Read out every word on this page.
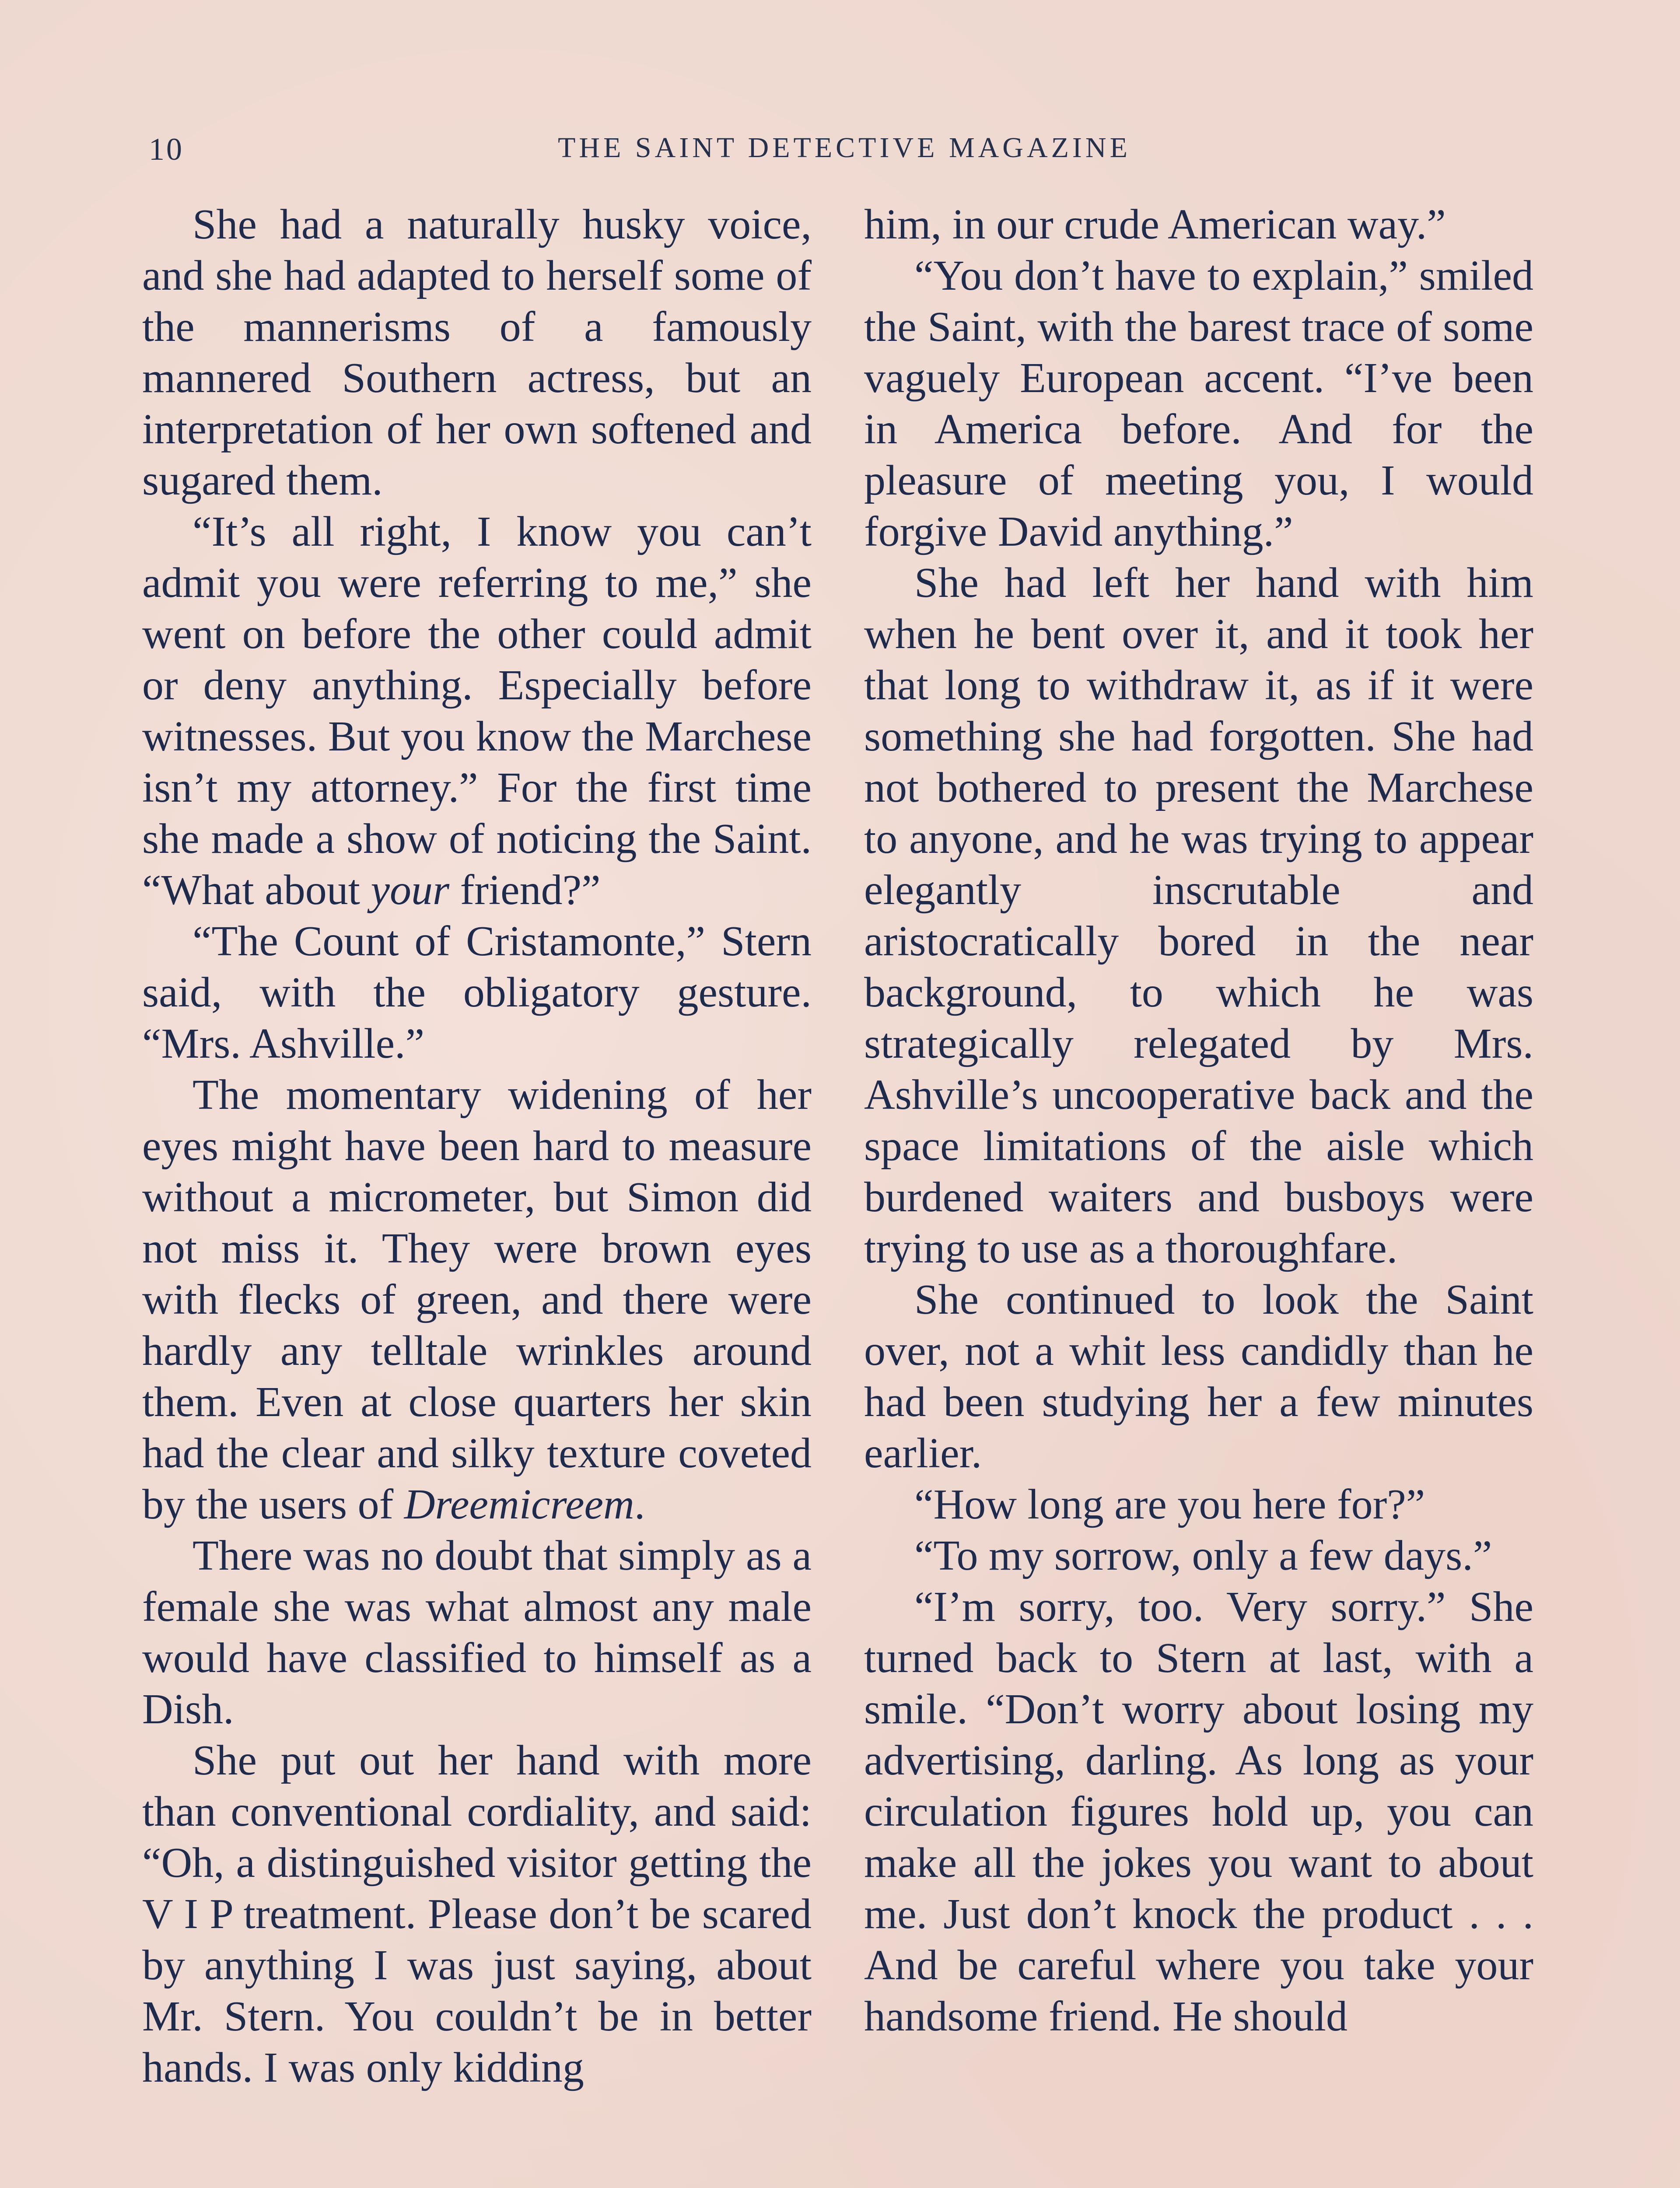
10	THE SAINT DETECTIVE MAGAZINE

She had a naturally husky voice, and she had adapted to herself some of the mannerisms of a famously mannered Southern actress, but an interpretation of her own softened and sugared them.

“It’s all right, I know you can’t admit you were referring to me,” she went on before the other could admit or deny anything. Especially before witnesses. But you know the Marchese isn’t my attorney.” For the first time she made a show of noticing the Saint. “What about your friend?”

“The Count of Cristamonte,” Stern said, with the obligatory gesture. “Mrs. Ashville.”

The momentary widening of her eyes might have been hard to measure without a micrometer, but Simon did not miss it. They were brown eyes with flecks of green, and there were hardly any telltale wrinkles around them. Even at close quarters her skin had the clear and silky texture coveted by the users of Dreemicreem.

There was no doubt that simply as a female she was what almost any male would have classified to himself as a Dish.

She put out her hand with more than conventional cordiality, and said: “Oh, a distinguished visitor getting the V I P treatment. Please don’t be scared by anything I was just saying, about Mr. Stern. You couldn’t be in better hands. I was only kidding

him, in our crude American way.”

“You don’t have to explain,” smiled the Saint, with the barest trace of some vaguely European accent. “I’ve been in America before. And for the pleasure of meeting you, I would forgive David anything.”

She had left her hand with him when he bent over it, and it took her that long to withdraw it, as if it were something she had forgotten. She had not bothered to present the Marchese to anyone, and he was trying to appear elegantly inscrutable and aristocratically bored in the near background, to which he was strategically relegated by Mrs. Ashville’s uncooperative back and the space limitations of the aisle which burdened waiters and busboys were trying to use as a thoroughfare.

She continued to look the Saint over, not a whit less candidly than he had been studying her a few minutes earlier.

“How long are you here for?”

“To my sorrow, only a few days.”

“I’m sorry, too. Very sorry.” She turned back to Stern at last, with a smile. “Don’t worry about losing my advertising, darling. As long as your circulation figures hold up, you can make all the jokes you want to about me. Just don’t knock the product . . . And be careful where you take your handsome friend. He should
